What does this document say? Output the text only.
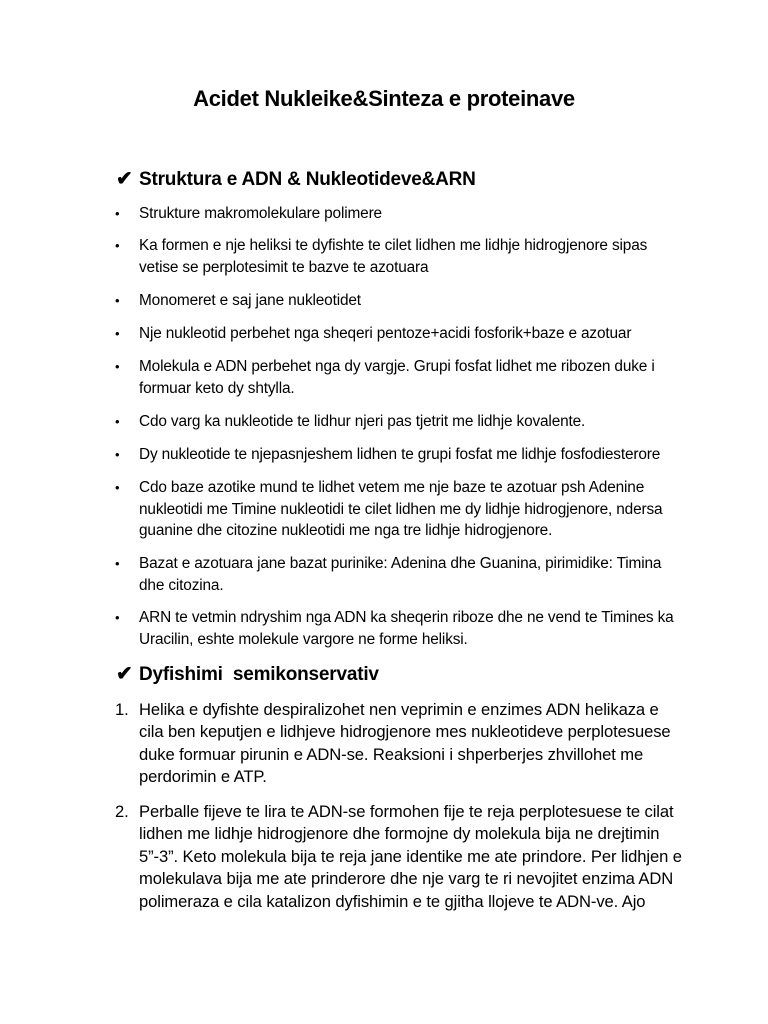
Acidet Nukleike&Sinteza e proteinave
✔ Struktura e ADN & Nukleotideve&ARN
•	Strukture makromolekulare polimere
•	Ka formen e nje heliksi te dyfishte te cilet lidhen me lidhje hidrogjenore sipas vetise se perplotesimit te bazve te azotuara
•	Monomeret e saj jane nukleotidet
•	Nje nukleotid perbehet nga sheqeri pentoze+acidi fosforik+baze e azotuar
•	Molekula e ADN perbehet nga dy vargje. Grupi fosfat lidhet me ribozen duke i formuar keto dy shtylla.
•	Cdo varg ka nukleotide te lidhur njeri pas tjetrit me lidhje kovalente.
•	Dy nukleotide te njepasnjeshem lidhen te grupi fosfat me lidhje fosfodiesterore
•	Cdo baze azotike mund te lidhet vetem me nje baze te azotuar psh Adenine nukleotidi me Timine nukleotidi te cilet lidhen me dy lidhje hidrogjenore, ndersa guanine dhe citozine nukleotidi me nga tre lidhje hidrogjenore.
•	Bazat e azotuara jane bazat purinike: Adenina dhe Guanina, pirimidike: Timina dhe citozina.
•	ARN te vetmin ndryshim nga ADN ka sheqerin riboze dhe ne vend te Timines ka Uracilin, eshte molekule vargore ne forme heliksi.
✔ Dyfishimi  semikonservativ
1. Helika e dyfishte despiralizohet nen veprimin e enzimes ADN helikaza e cila ben keputjen e lidhjeve hidrogjenore mes nukleotideve perplotesuese duke formuar pirunin e ADN-se. Reaksioni i shperberjes zhvillohet me perdorimin e ATP.
2. Perballe fijeve te lira te ADN-se formohen fije te reja perplotesuese te cilat lidhen me lidhje hidrogjenore dhe formojne dy molekula bija ne drejtimin 5”-3”. Keto molekula bija te reja jane identike me ate prindore. Per lidhjen e molekulava bija me ate prinderore dhe nje varg te ri nevojitet enzima ADN polimeraza e cila katalizon dyfishimin e te gjitha llojeve te ADN-ve. Ajo
